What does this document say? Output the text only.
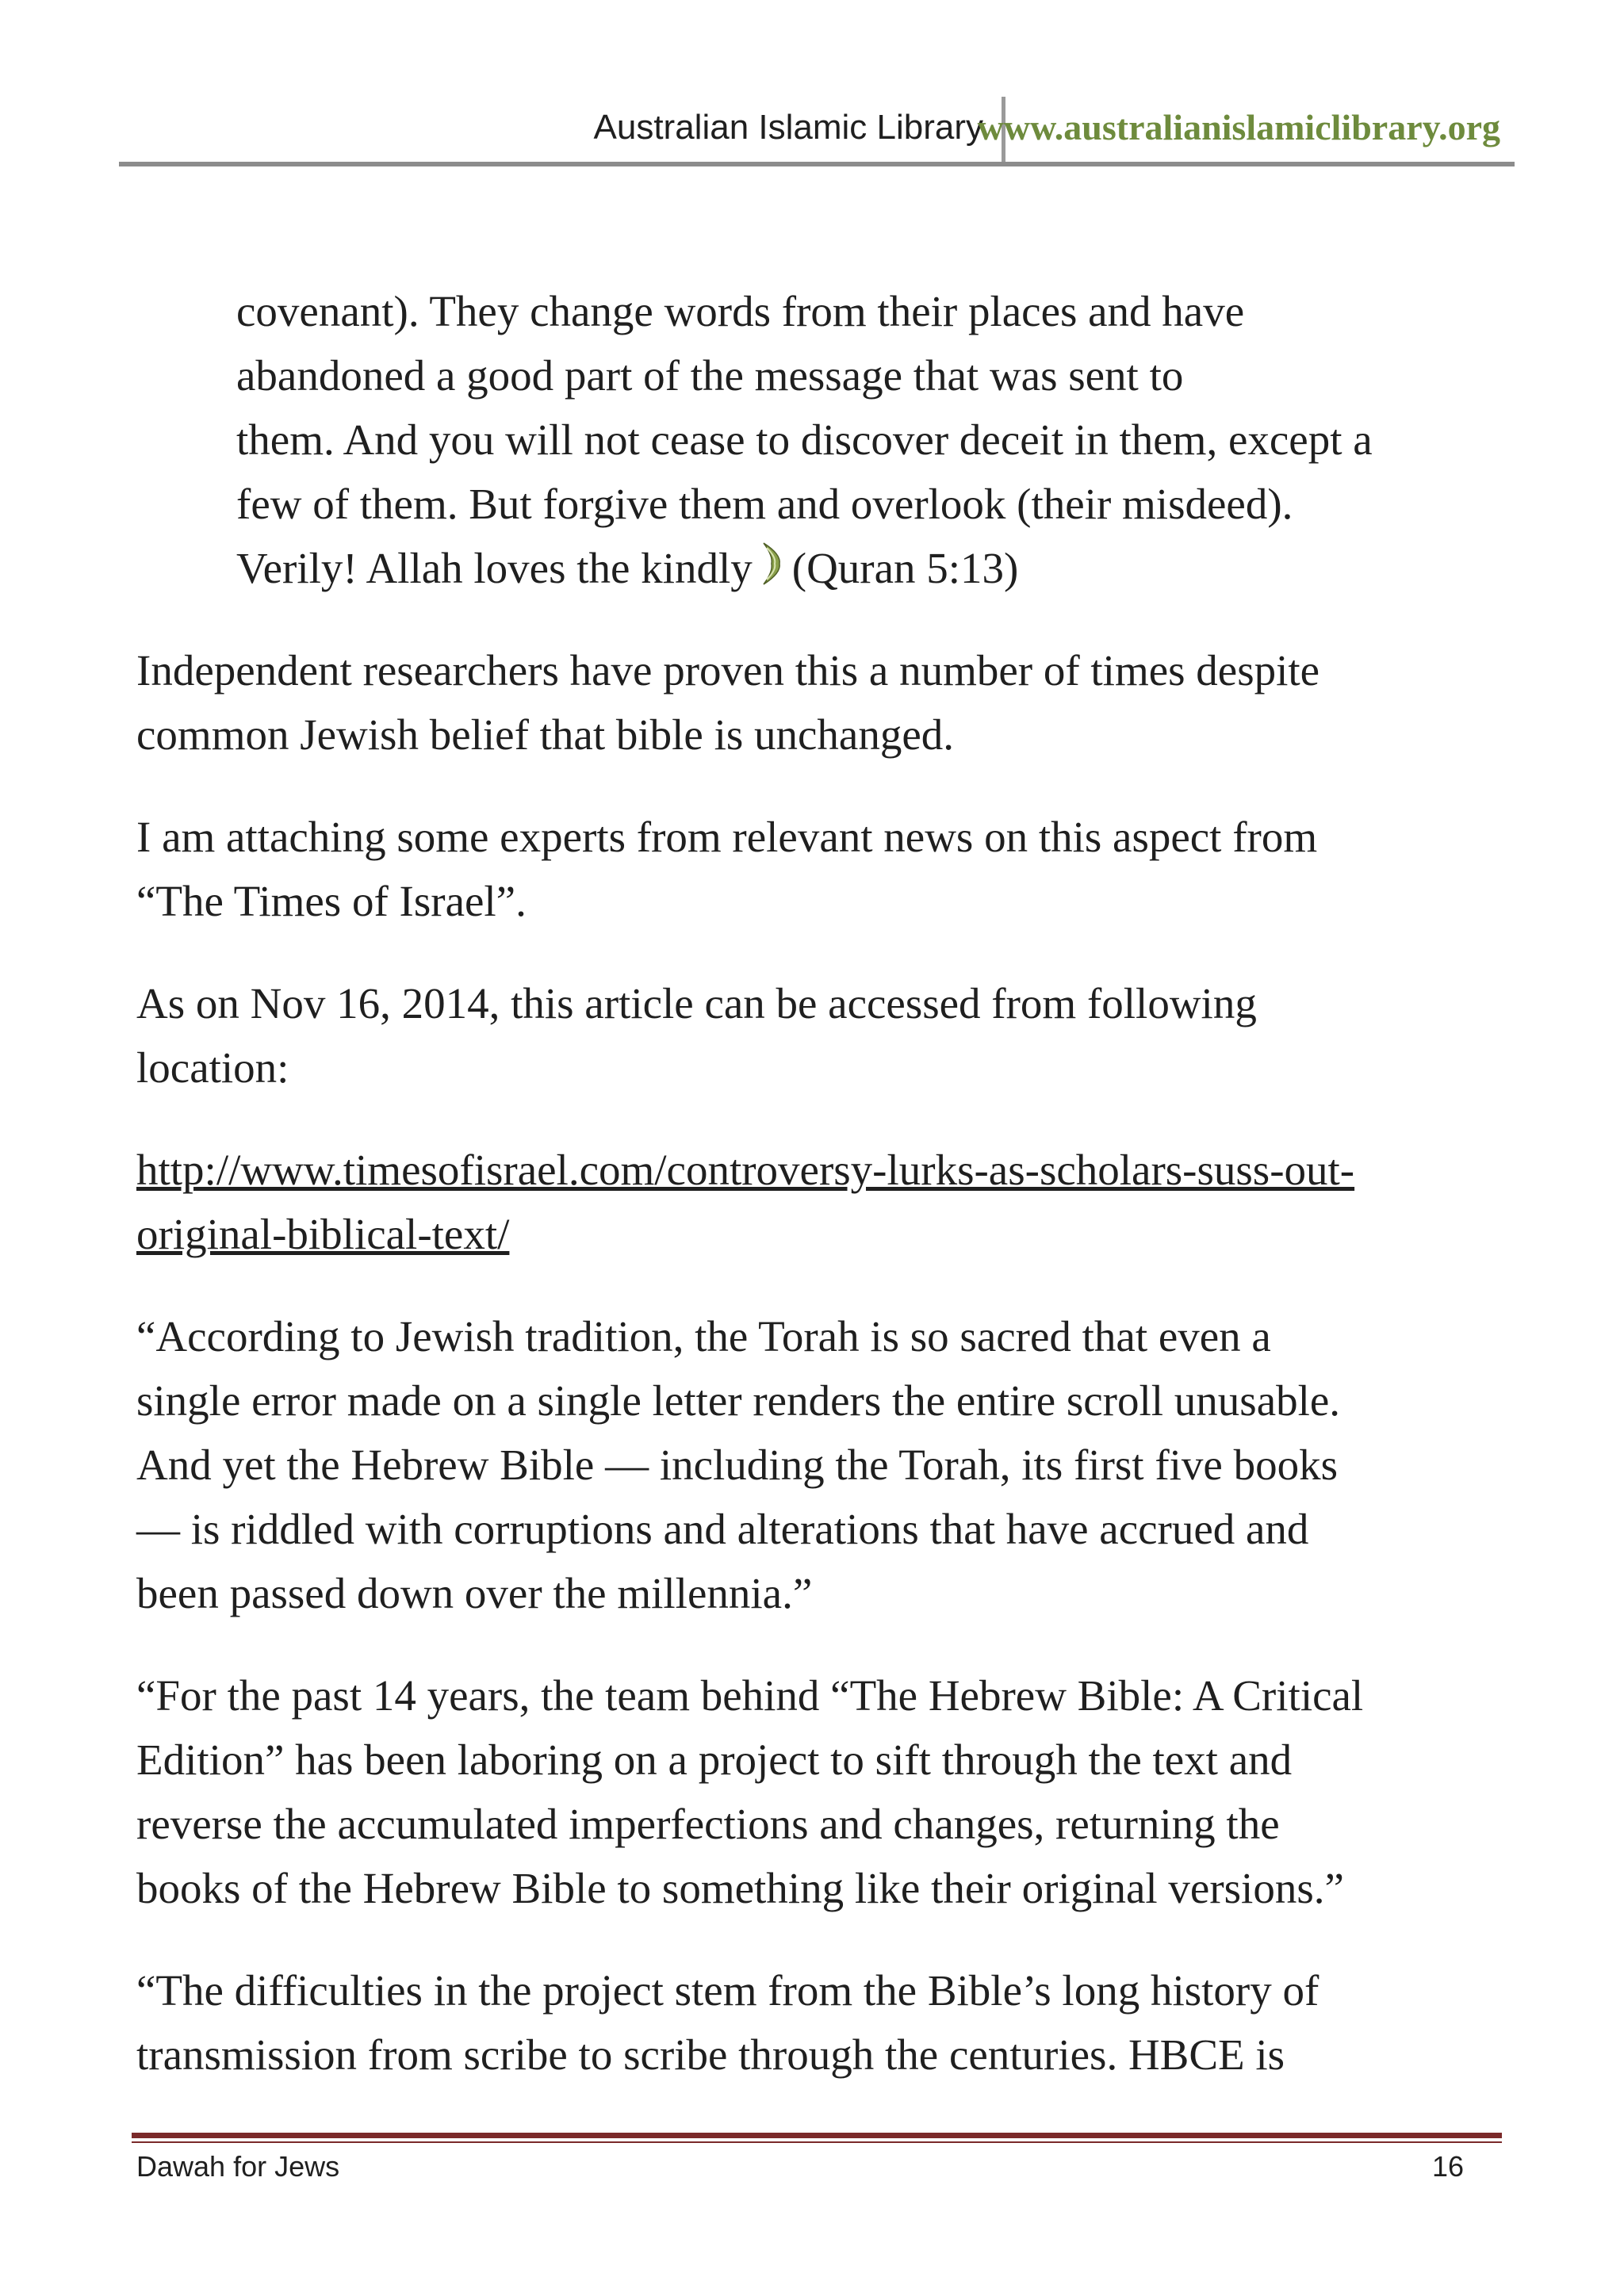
Australian Islamic Library
www.australianislamiclibrary.org
covenant). They change words from their places and have
abandoned a good part of the message that was sent to
them. And you will not cease to discover deceit in them, except a
few of them. But forgive them and overlook (their misdeed).
Verily! Allah loves the kindly (Quran 5:13)

Independent researchers have proven this a number of times despite
common Jewish belief that bible is unchanged.

I am attaching some experts from relevant news on this aspect from
“The Times of Israel”.

As on Nov 16, 2014, this article can be accessed from following
location:

http://www.timesofisrael.com/controversy-lurks-as-scholars-suss-out-
original-biblical-text/

“According to Jewish tradition, the Torah is so sacred that even a
single error made on a single letter renders the entire scroll unusable.
And yet the Hebrew Bible — including the Torah, its first five books
— is riddled with corruptions and alterations that have accrued and
been passed down over the millennia.”

“For the past 14 years, the team behind “The Hebrew Bible: A Critical
Edition” has been laboring on a project to sift through the text and
reverse the accumulated imperfections and changes, returning the
books of the Hebrew Bible to something like their original versions.”

“The difficulties in the project stem from the Bible’s long history of
transmission from scribe to scribe through the centuries. HBCE is

Dawah for Jews	16
